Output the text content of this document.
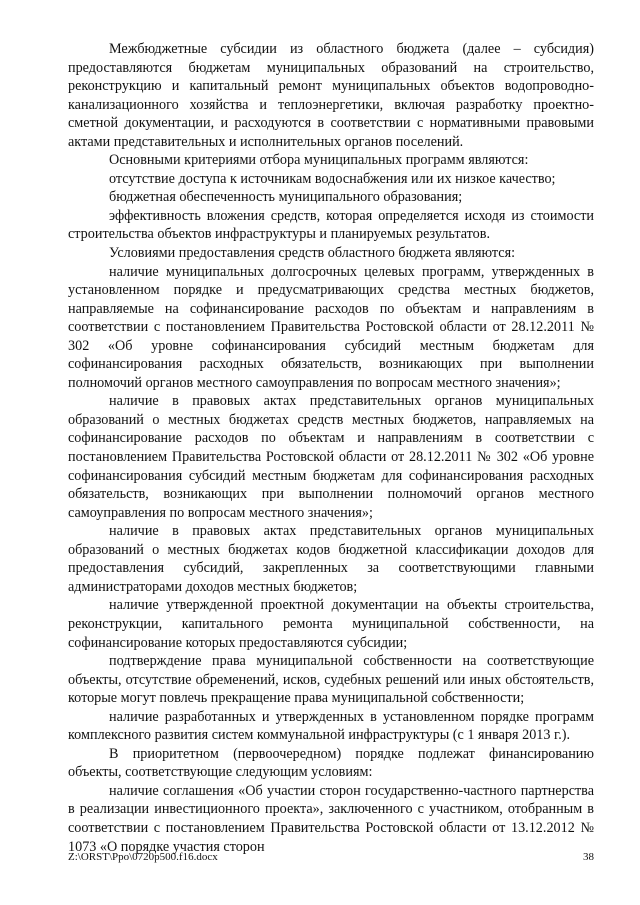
Межбюджетные субсидии из областного бюджета (далее – субсидия) предоставляются бюджетам муниципальных образований на строительство, реконструкцию и капитальный ремонт муниципальных объектов водопроводно-канализационного хозяйства и теплоэнергетики, включая разработку проектно-сметной документации, и расходуются в соответствии с нормативными правовыми актами представительных и исполнительных органов поселений.

Основными критериями отбора муниципальных программ являются:

отсутствие доступа к источникам водоснабжения или их низкое качество;

бюджетная обеспеченность муниципального образования;

эффективность вложения средств, которая определяется исходя из стоимости строительства объектов инфраструктуры и планируемых результатов.

Условиями предоставления средств областного бюджета являются:

наличие муниципальных долгосрочных целевых программ, утвержденных в установленном порядке и предусматривающих средства местных бюджетов, направляемые на софинансирование расходов по объектам и направлениям в соответствии с постановлением Правительства Ростовской области от 28.12.2011 № 302 «Об уровне софинансирования субсидий местным бюджетам для софинансирования расходных обязательств, возникающих при выполнении полномочий органов местного самоуправления по вопросам местного значения»;

наличие в правовых актах представительных органов муниципальных образований о местных бюджетах средств местных бюджетов, направляемых на софинансирование расходов по объектам и направлениям в соответствии с постановлением Правительства Ростовской области от 28.12.2011 № 302 «Об уровне софинансирования субсидий местным бюджетам для софинансирования расходных обязательств, возникающих при выполнении полномочий органов местного самоуправления по вопросам местного значения»;

наличие в правовых актах представительных органов муниципальных образований о местных бюджетах кодов бюджетной классификации доходов для предоставления субсидий, закрепленных за соответствующими главными администраторами доходов местных бюджетов;

наличие утвержденной проектной документации на объекты строительства, реконструкции, капитального ремонта муниципальной собственности, на софинансирование которых предоставляются субсидии;

подтверждение права муниципальной собственности на соответствующие объекты, отсутствие обременений, исков, судебных решений или иных обстоятельств, которые могут повлечь прекращение права муниципальной собственности;

наличие разработанных и утвержденных в установленном порядке программ комплексного развития систем коммунальной инфраструктуры (с 1 января 2013 г.).

В приоритетном (первоочередном) порядке подлежат финансированию объекты, соответствующие следующим условиям:

наличие соглашения «Об участии сторон государственно-частного партнерства в реализации инвестиционного проекта», заключенного с участником, отобранным в соответствии с постановлением Правительства Ростовской области от 13.12.2012 № 1073 «О порядке участия сторон

Z:\ORST\Ppo\0720p500.f16.docx	38
